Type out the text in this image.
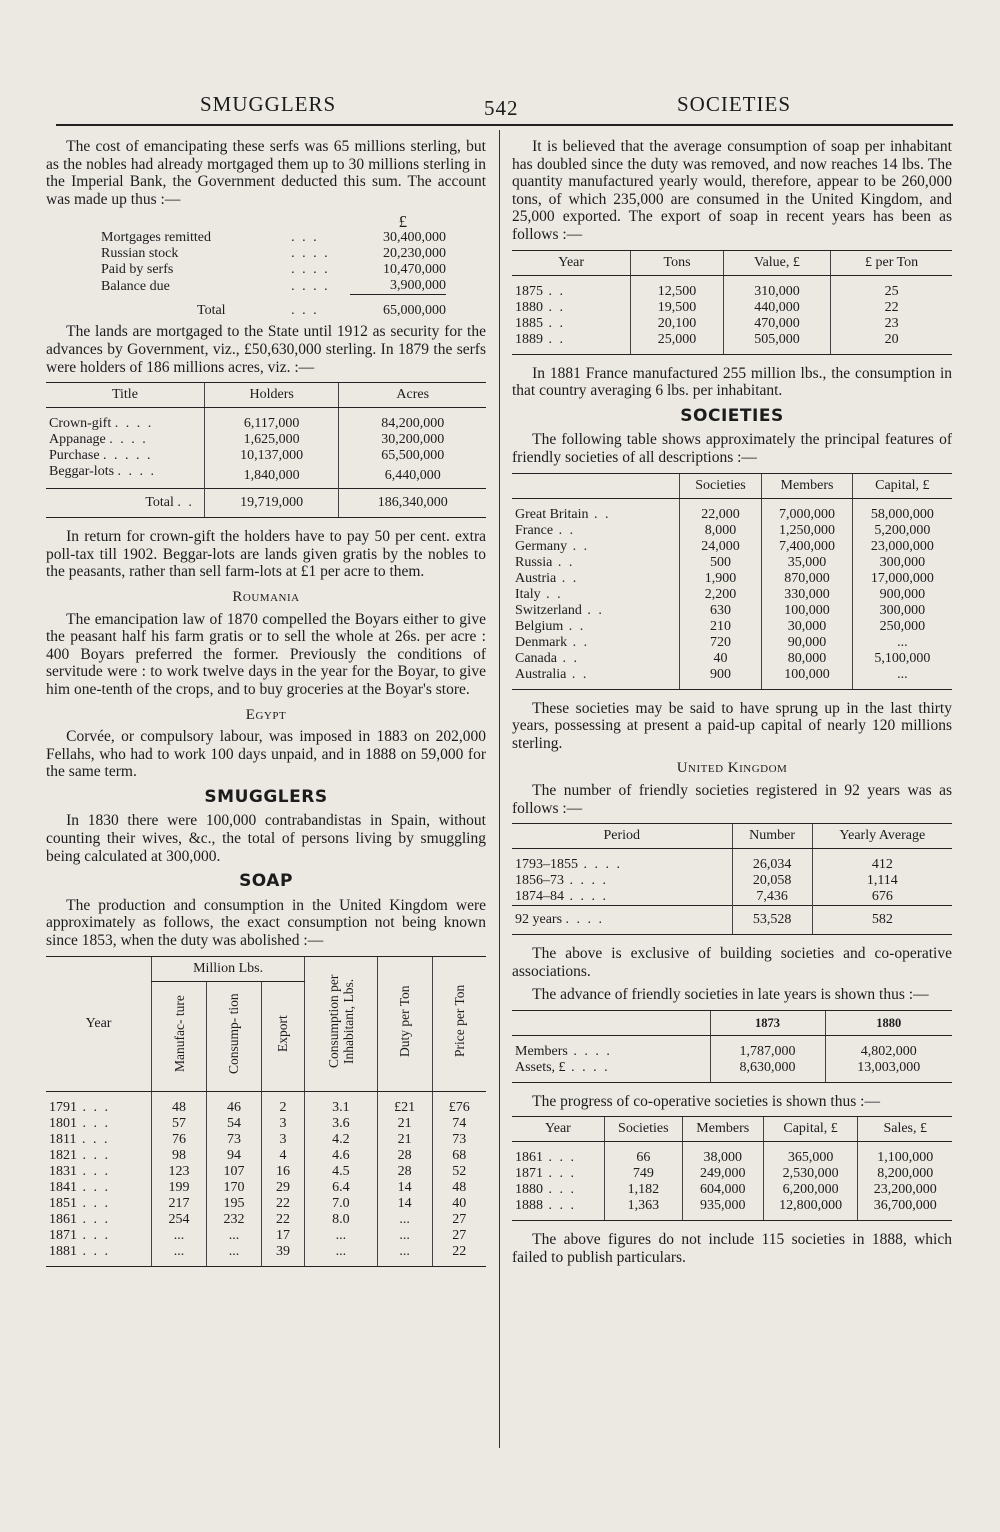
SMUGGLERS	542	SOCIETIES

The cost of emancipating these serfs was 65 millions sterling, but as the nobles had already mortgaged them up to 30 millions sterling in the Imperial Bank, the Government deducted this sum. The account was made up thus :—

		£
Mortgages remitted	. . .	30,400,000
Russian stock	. . . .	20,230,000
Paid by serfs	. . . .	10,470,000
Balance due	. . . .	3,900,000
Total	. . .	65,000,000

The lands are mortgaged to the State until 1912 as security for the advances by Government, viz., £50,630,000 sterling. In 1879 the serfs were holders of 186 millions acres, viz. :—

Title	Holders	Acres
Crown-gift . . . .	6,117,000	84,200,000
Appanage . . . .	1,625,000	30,200,000
Purchase . . . . .	10,137,000	65,500,000
Beggar-lots . . . .	1,840,000	6,440,000
Total . .	19,719,000	186,340,000

In return for crown-gift the holders have to pay 50 per cent. extra poll-tax till 1902. Beggar-lots are lands given gratis by the nobles to the peasants, rather than sell farm-lots at £1 per acre to them.

Roumania

The emancipation law of 1870 compelled the Boyars either to give the peasant half his farm gratis or to sell the whole at 26s. per acre : 400 Boyars preferred the former. Previously the conditions of servitude were : to work twelve days in the year for the Boyar, to give him one-tenth of the crops, and to buy groceries at the Boyar's store.

Egypt

Corvée, or compulsory labour, was imposed in 1883 on 202,000 Fellahs, who had to work 100 days unpaid, and in 1888 on 59,000 for the same term.

SMUGGLERS

In 1830 there were 100,000 contrabandistas in Spain, without counting their wives, &c., the total of persons living by smuggling being calculated at 300,000.

SOAP

The production and consumption in the United Kingdom were approximately as follows, the exact consumption not being known since 1853, when the duty was abolished :—

Year	Million Lbs.			Consumption per Inhabitant, Lbs.	Duty per Ton	Price per Ton
	Manufac- ture	Consump- tion	Export			
1791 . . .	48	46	2	3.1	£21	£76
1801 . . .	57	54	3	3.6	21	74
1811 . . .	76	73	3	4.2	21	73
1821 . . .	98	94	4	4.6	28	68
1831 . . .	123	107	16	4.5	28	52
1841 . . .	199	170	29	6.4	14	48
1851 . . .	217	195	22	7.0	14	40
1861 . . .	254	232	22	8.0	...	27
1871 . . .	...	...	17	...	...	27
1881 . . .	...	...	39	...	...	22

It is believed that the average consumption of soap per inhabitant has doubled since the duty was removed, and now reaches 14 lbs. The quantity manufactured yearly would, therefore, appear to be 260,000 tons, of which 235,000 are consumed in the United Kingdom, and 25,000 exported. The export of soap in recent years has been as follows :—

Year	Tons	Value, £	£ per Ton
1875 . .	12,500	310,000	25
1880 . .	19,500	440,000	22
1885 . .	20,100	470,000	23
1889 . .	25,000	505,000	20

In 1881 France manufactured 255 million lbs., the consumption in that country averaging 6 lbs. per inhabitant.

SOCIETIES

The following table shows approximately the principal features of friendly societies of all descriptions :—

	Societies	Members	Capital, £
Great Britain . .	22,000	7,000,000	58,000,000
France . .	8,000	1,250,000	5,200,000
Germany . .	24,000	7,400,000	23,000,000
Russia . .	500	35,000	300,000
Austria . .	1,900	870,000	17,000,000
Italy . .	2,200	330,000	900,000
Switzerland . .	630	100,000	300,000
Belgium . .	210	30,000	250,000
Denmark . .	720	90,000	...
Canada . .	40	80,000	5,100,000
Australia . .	900	100,000	...

These societies may be said to have sprung up in the last thirty years, possessing at present a paid-up capital of nearly 120 millions sterling.

United Kingdom

The number of friendly societies registered in 92 years was as follows :—

Period	Number	Yearly Average
1793–1855 . . . .	26,034	412
1856–73 . . . .	20,058	1,114
1874–84 . . . .	7,436	676
92 years . . . .	53,528	582

The above is exclusive of building societies and co-operative associations.

The advance of friendly societies in late years is shown thus :—

	1873	1880
Members . . . .	1,787,000	4,802,000
Assets, £ . . . .	8,630,000	13,003,000

The progress of co-operative societies is shown thus :—

Year	Societies	Members	Capital, £	Sales, £
1861 . . .	66	38,000	365,000	1,100,000
1871 . . .	749	249,000	2,530,000	8,200,000
1880 . . .	1,182	604,000	6,200,000	23,200,000
1888 . . .	1,363	935,000	12,800,000	36,700,000

The above figures do not include 115 societies in 1888, which failed to publish particulars.
